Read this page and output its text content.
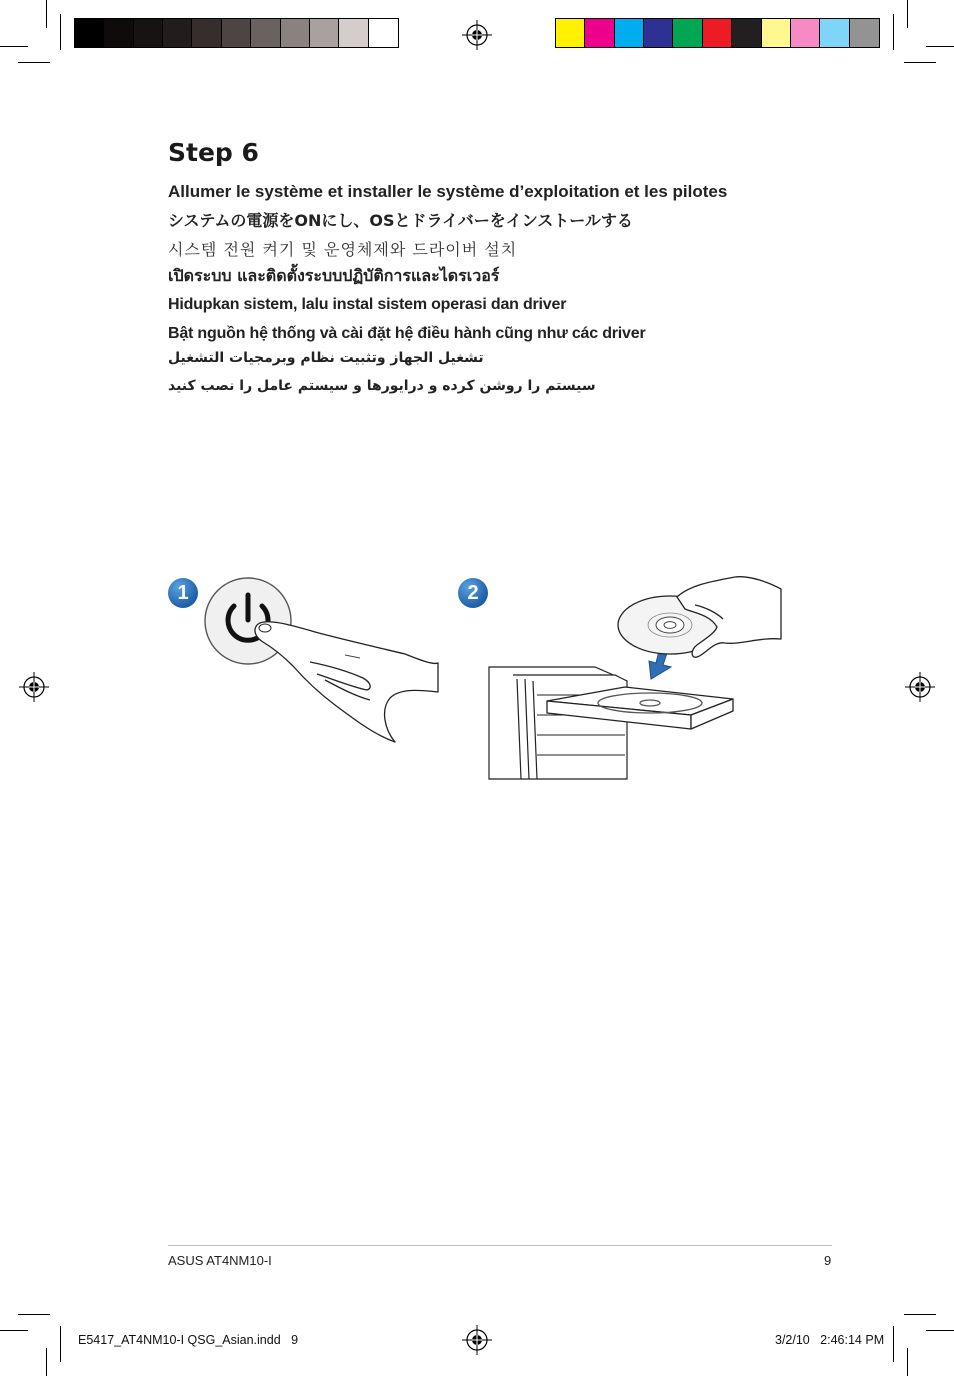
Step 6
Allumer le système et installer le système d’exploitation et les pilotes
システムの電源をONにし、OSとドライバーをインストールする
시스템 전원 켜기 및 운영체제와 드라이버 설치
เปิดระบบ และติดตั้งระบบปฏิบัติการและไดรเวอร์
Hidupkan sistem, lalu instal sistem operasi dan driver
Bật nguồn hệ thống và cài đặt hệ điều hành cũng như các driver
تشغيل الجهاز وتثبيت نظام وبرمجيات التشغيل
سیستم را روشن کرده و درایورها و سیستم عامل را نصب کنید
1	2
ASUS AT4NM10-I	9
E5417_AT4NM10-I QSG_Asian.indd   9	3/2/10   2:46:14 PM
